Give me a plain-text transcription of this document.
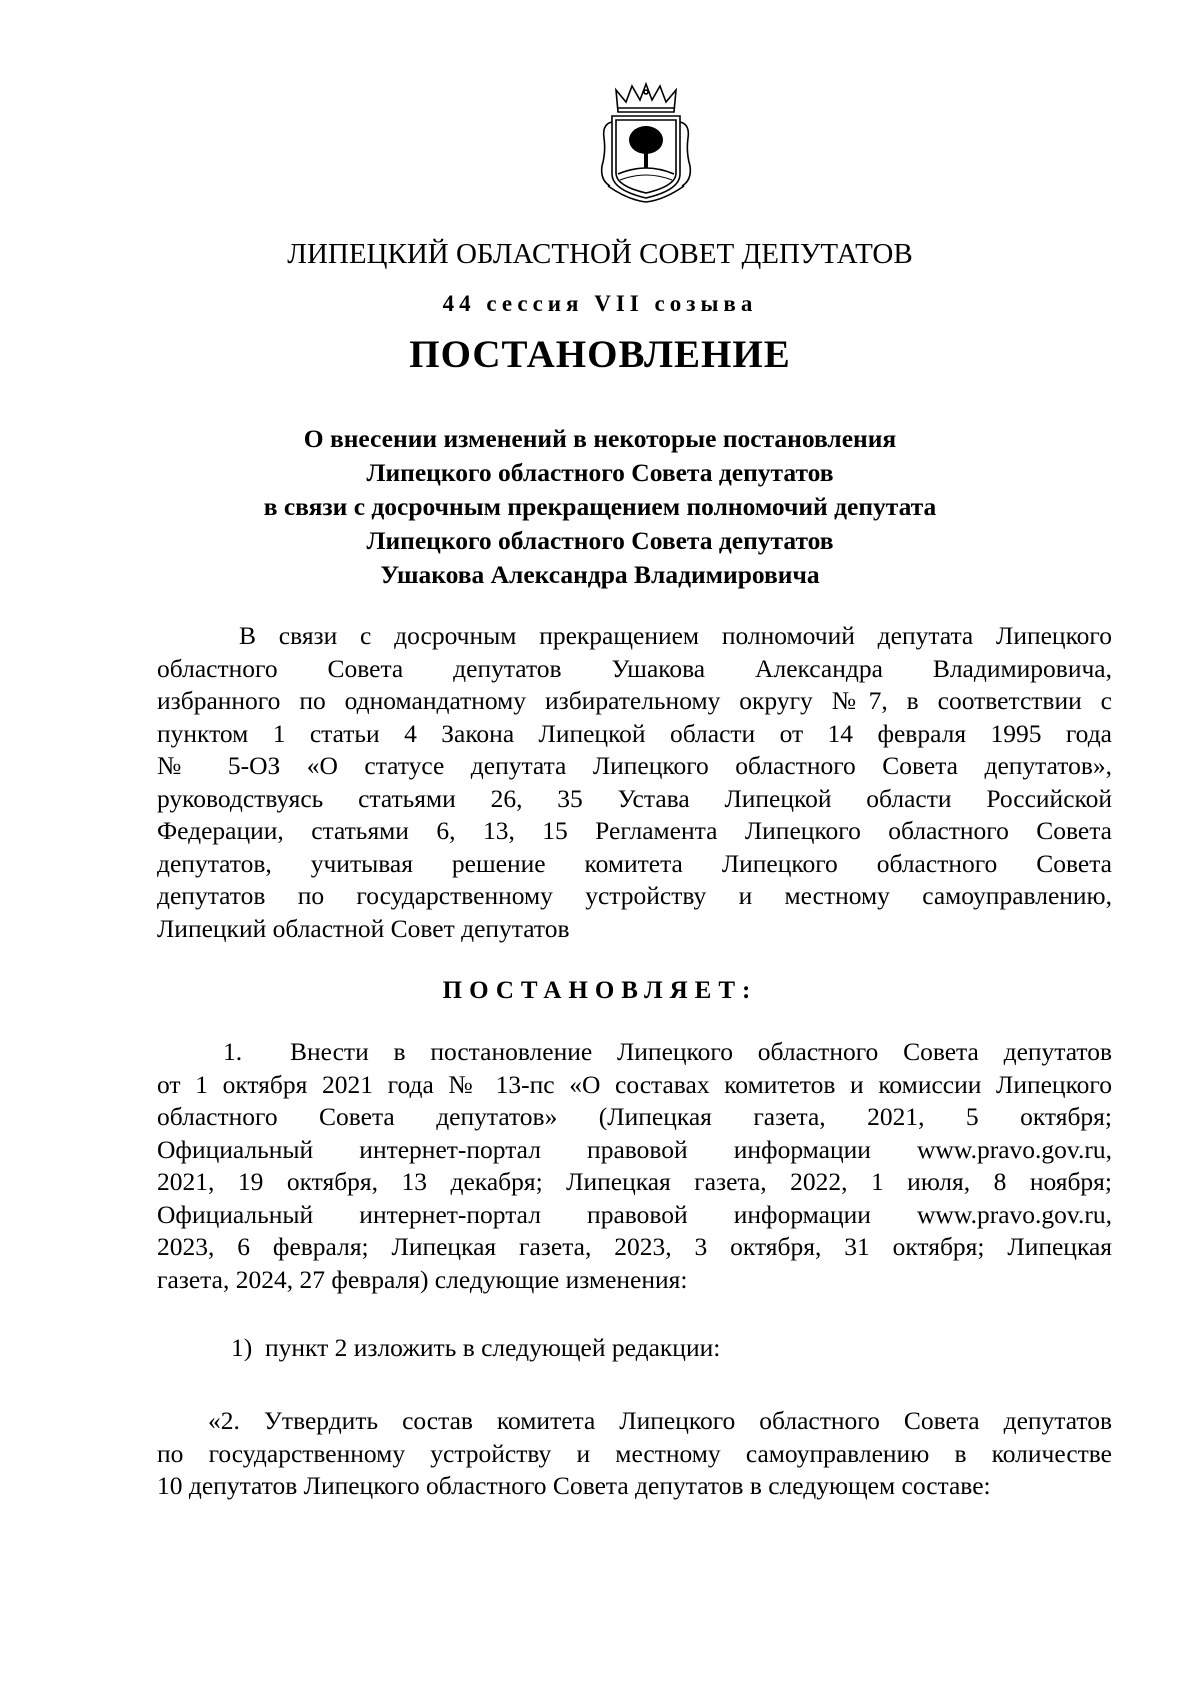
ЛИПЕЦКИЙ ОБЛАСТНОЙ СОВЕТ ДЕПУТАТОВ
44 сессия VII созыва
ПОСТАНОВЛЕНИЕ
О внесении изменений в некоторые постановления
Липецкого областного Совета депутатов
в связи с досрочным прекращением полномочий депутата
Липецкого областного Совета депутатов
Ушакова Александра Владимировича
В связи с досрочным прекращением полномочий депутата Липецкого
областного Совета депутатов Ушакова Александра Владимировича,
избранного по одномандатному избирательному округу №7, в соответствии с
пунктом 1 статьи 4 Закона Липецкой области от 14 февраля 1995 года
№ 5-ОЗ «О статусе депутата Липецкого областного Совета депутатов»,
руководствуясь статьями 26, 35 Устава Липецкой области Российской
Федерации, статьями 6, 13, 15 Регламента Липецкого областного Совета
депутатов, учитывая решение комитета Липецкого областного Совета
депутатов по государственному устройству и местному самоуправлению,
Липецкий областной Совет депутатов
ПОСТАНОВЛЯЕТ:
1. Внести в постановление Липецкого областного Совета депутатов
от 1 октября 2021 года № 13-пс «О составах комитетов и комиссии Липецкого
областного Совета депутатов» (Липецкая газета, 2021, 5 октября;
Официальный интернет-портал правовой информации www.pravo.gov.ru,
2021, 19 октября, 13 декабря; Липецкая газета, 2022, 1 июля, 8 ноября;
Официальный интернет-портал правовой информации www.pravo.gov.ru,
2023, 6 февраля; Липецкая газета, 2023, 3 октября, 31 октября; Липецкая
газета, 2024, 27 февраля) следующие изменения:
1)  пункт 2 изложить в следующей редакции:
«2. Утвердить состав комитета Липецкого областного Совета депутатов
по государственному устройству и местному самоуправлению в количестве
10 депутатов Липецкого областного Совета депутатов в следующем составе:
